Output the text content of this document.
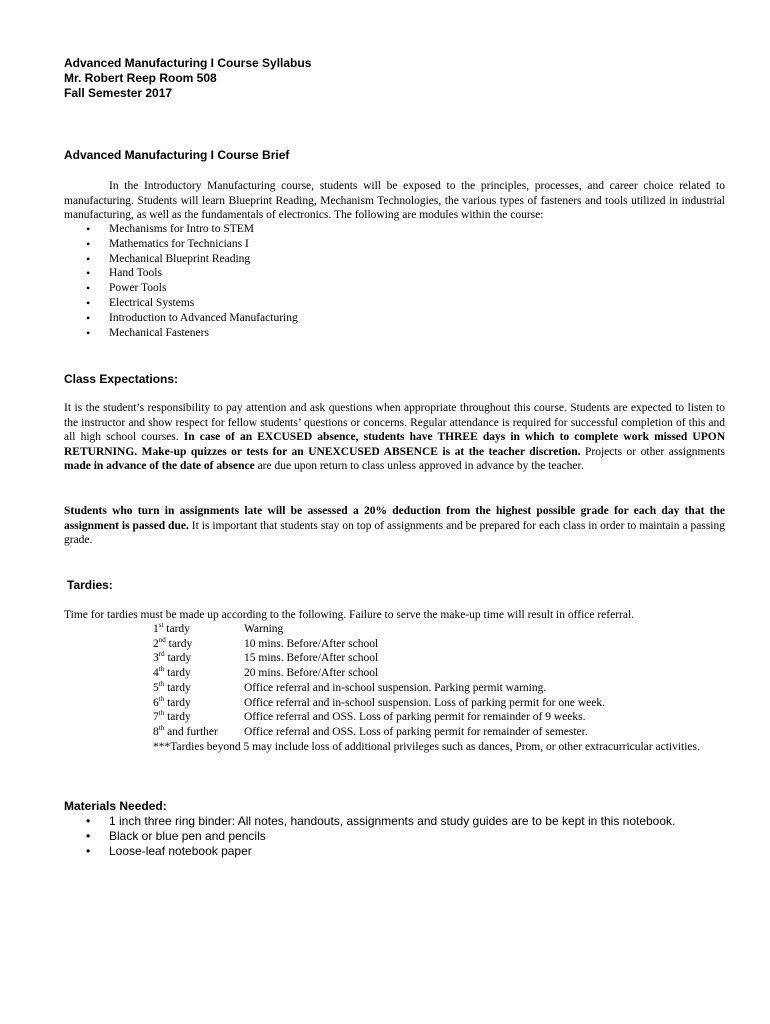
Advanced Manufacturing I Course Syllabus
Mr. Robert Reep Room 508
Fall Semester 2017
Advanced Manufacturing I Course Brief
In the Introductory Manufacturing course, students will be exposed to the principles, processes, and career choice related to manufacturing. Students will learn Blueprint Reading, Mechanism Technologies, the various types of fasteners and tools utilized in industrial manufacturing, as well as the fundamentals of electronics. The following are modules within the course:
• Mechanisms for Intro to STEM
• Mathematics for Technicians I
• Mechanical Blueprint Reading
• Hand Tools
• Power Tools
• Electrical Systems
• Introduction to Advanced Manufacturing
• Mechanical Fasteners
Class Expectations:
It is the student’s responsibility to pay attention and ask questions when appropriate throughout this course. Students are expected to listen to the instructor and show respect for fellow students’ questions or concerns. Regular attendance is required for successful completion of this and all high school courses. In case of an EXCUSED absence, students have THREE days in which to complete work missed UPON RETURNING. Make-up quizzes or tests for an UNEXCUSED ABSENCE is at the teacher discretion. Projects or other assignments made in advance of the date of absence are due upon return to class unless approved in advance by the teacher.
Students who turn in assignments late will be assessed a 20% deduction from the highest possible grade for each day that the assignment is passed due. It is important that students stay on top of assignments and be prepared for each class in order to maintain a passing grade.
Tardies:
Time for tardies must be made up according to the following. Failure to serve the make-up time will result in office referral.
1st tardy	Warning
2nd tardy	10 mins. Before/After school
3rd tardy	15 mins. Before/After school
4th tardy	20 mins. Before/After school
5th tardy	Office referral and in-school suspension. Parking permit warning.
6th tardy	Office referral and in-school suspension. Loss of parking permit for one week.
7th tardy	Office referral and OSS. Loss of parking permit for remainder of 9 weeks.
8th and further	Office referral and OSS. Loss of parking permit for remainder of semester.
***Tardies beyond 5 may include loss of additional privileges such as dances, Prom, or other extracurricular activities.
Materials Needed:
• 1 inch three ring binder: All notes, handouts, assignments and study guides are to be kept in this notebook.
• Black or blue pen and pencils
• Loose-leaf notebook paper
